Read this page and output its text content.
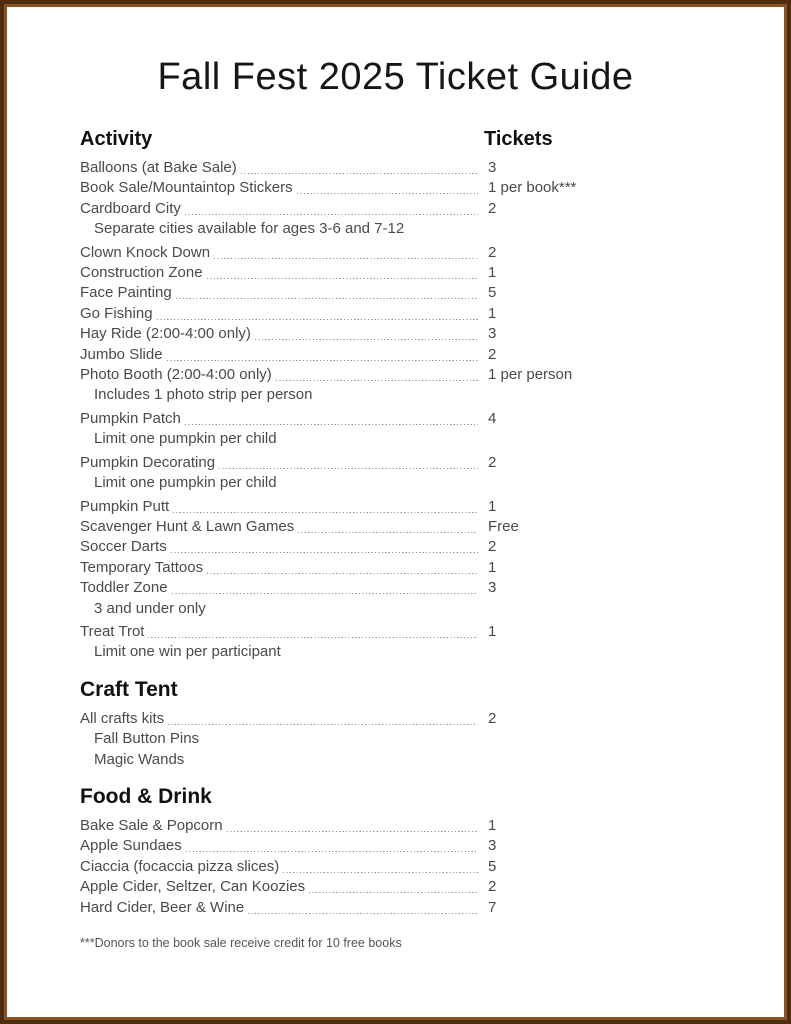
Fall Fest 2025 Ticket Guide
Activity	Tickets
Balloons (at Bake Sale)	3
Book Sale/Mountaintop Stickers	1 per book***
Cardboard City	2
Separate cities available for ages 3-6 and 7-12
Clown Knock Down	2
Construction Zone	1
Face Painting	5
Go Fishing	1
Hay Ride (2:00-4:00 only)	3
Jumbo Slide	2
Photo Booth (2:00-4:00 only)	1 per person
Includes 1 photo strip per person
Pumpkin Patch	4
Limit one pumpkin per child
Pumpkin Decorating	2
Limit one pumpkin per child
Pumpkin Putt	1
Scavenger Hunt & Lawn Games	Free
Soccer Darts	2
Temporary Tattoos	1
Toddler Zone	3
3 and under only
Treat Trot	1
Limit one win per participant
Craft Tent
All crafts kits	2
Fall Button Pins
Magic Wands
Food & Drink
Bake Sale & Popcorn	1
Apple Sundaes	3
Ciaccia (focaccia pizza slices)	5
Apple Cider, Seltzer, Can Koozies	2
Hard Cider, Beer & Wine	7
***Donors to the book sale receive credit for 10 free books
